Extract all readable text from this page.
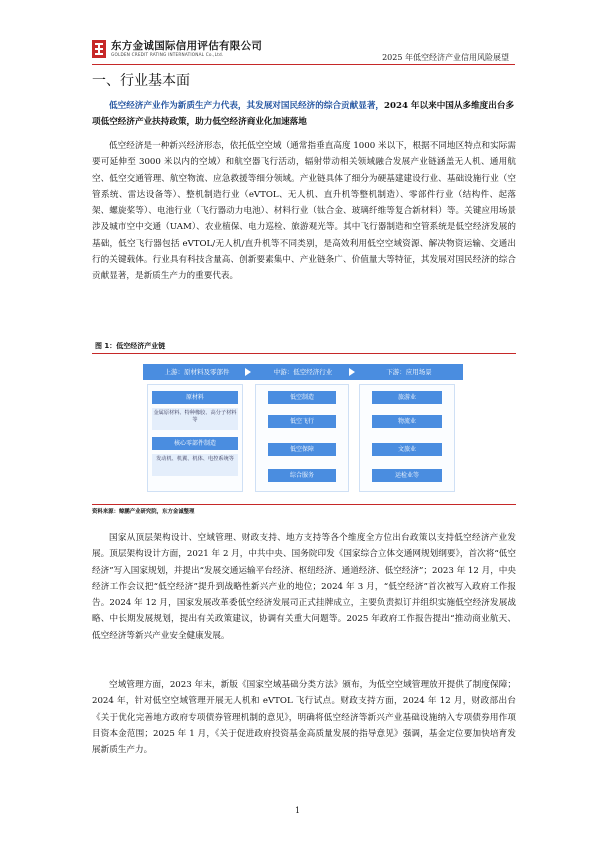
东方金诚国际信用评估有限公司
GOLDEN CREDIT RATING INTERNATIONAL Co.,Ltd.	2025 年低空经济产业信用风险展望
一、行业基本面

低空经济产业作为新质生产力代表，其发展对国民经济的综合贡献显著，2024 年以来中国从多维度出台多项低空经济产业扶持政策，助力低空经济商业化加速落地

低空经济是一种新兴经济形态，依托低空空域（通常指垂直高度 1000 米以下，根据不同地区特点和实际需要可延伸至 3000 米以内的空域）和航空器飞行活动，辐射带动相关领域融合发展产业链涵盖无人机、通用航空、低空交通管理、航空物流、应急救援等细分领域。产业链具体了细分为硬基建建设行业、基础设施行业（空管系统、雷达设备等）、整机制造行业（eVTOL、无人机、直升机等整机制造）、零部件行业（结构件、起落架、螺旋桨等）、电池行业（飞行器动力电池）、材料行业（钛合金、玻璃纤维等复合新材料）等。关键应用场景涉及城市空中交通（UAM）、农业植保、电力巡检、旅游观光等。其中飞行器制造和空管系统是低空经济发展的基础，低空飞行器包括 eVTOL/无人机/直升机等不同类别，是高效利用低空空域资源、解决物资运输、交通出行的关键载体。行业具有科技含量高、创新要素集中、产业链条广、价值量大等特征，其发展对国民经济的综合贡献显著，是新质生产力的重要代表。

图 1：低空经济产业链
上游：原材料及零部件	中游：低空经济行业	下游：应用场景
原材料
金属原材料、特种橡胶、高分子材料等
核心零部件制造
发动机、机翼、机体、电控系统等
低空制造
低空飞行
低空保障
综合服务
旅游业
物流业
文旅业
运检业等
资料来源：鲸鹏产业研究院，东方金诚整理

国家从顶层架构设计、空域管理、财政支持、地方支持等各个维度全方位出台政策以支持低空经济产业发展。顶层架构设计方面，2021 年 2 月，中共中央、国务院印发《国家综合立体交通网规划纲要》，首次将“低空经济”写入国家规划，并提出“发展交通运输平台经济、枢纽经济、通道经济、低空经济”；2023 年 12 月，中央经济工作会议把“低空经济”提升到战略性新兴产业的地位；2024 年 3 月，“低空经济”首次被写入政府工作报告。2024 年 12 月，国家发展改革委低空经济发展司正式挂牌成立，主要负责拟订并组织实施低空经济发展战略、中长期发展规划，提出有关政策建议，协调有关重大问题等。2025 年政府工作报告提出“推动商业航天、低空经济等新兴产业安全健康发展。

空域管理方面，2023 年末，新版《国家空域基础分类方法》颁布，为低空空域管理放开提供了制度保障；2024 年，针对低空空域管理开展无人机和 eVTOL 飞行试点。财政支持方面，2024 年 12 月，财政部出台《关于优化完善地方政府专项债券管理机制的意见》，明确将低空经济等新兴产业基础设施纳入专项债券用作项目资本金范围；2025 年 1 月，《关于促进政府投资基金高质量发展的指导意见》强调，基金定位要加快培育发展新质生产力。

1
